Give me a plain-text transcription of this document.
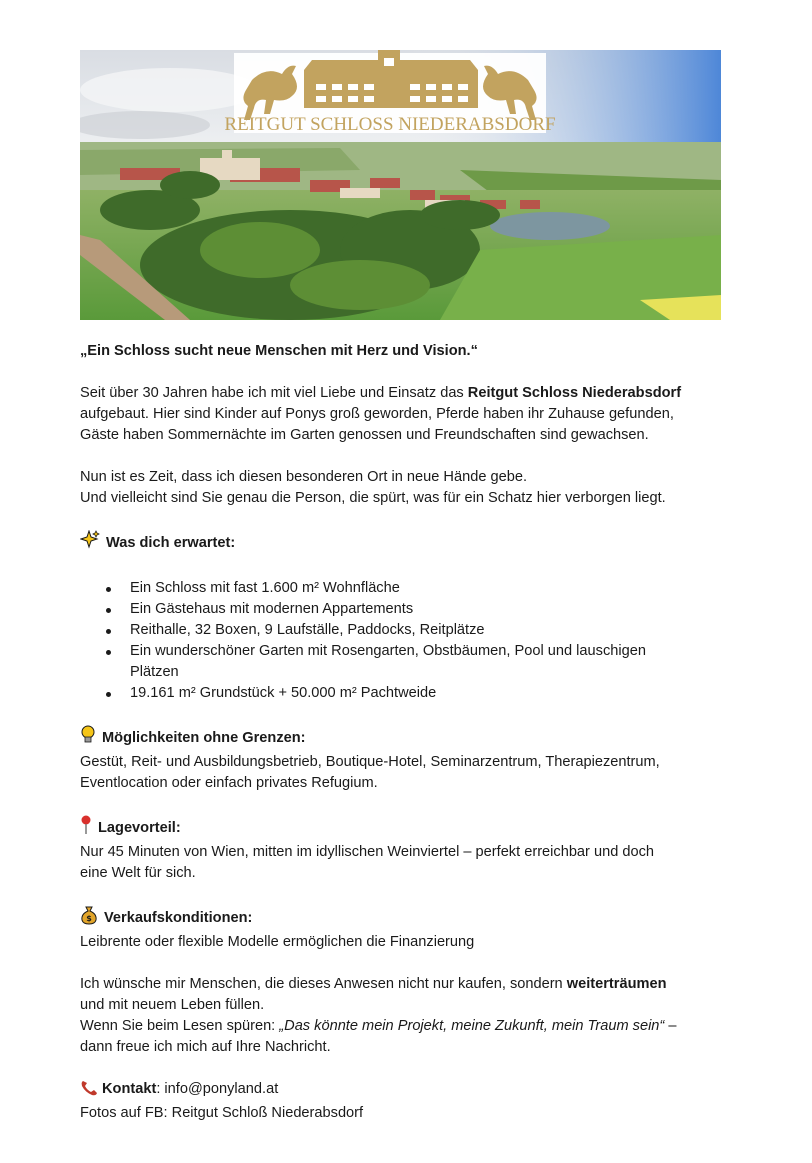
REITGUT SCHLOSS NIEDERABSDORF

„Ein Schloss sucht neue Menschen mit Herz und Vision.“

Seit über 30 Jahren habe ich mit viel Liebe und Einsatz das Reitgut Schloss Niederabsdorf

aufgebaut. Hier sind Kinder auf Ponys groß geworden, Pferde haben ihr Zuhause gefunden,

Gäste haben Sommernächte im Garten genossen und Freundschaften sind gewachsen.

Nun ist es Zeit, dass ich diesen besonderen Ort in neue Hände gebe.

Und vielleicht sind Sie genau die Person, die spürt, was für ein Schatz hier verborgen liegt.

Was dich erwartet:

Ein Schloss mit fast 1.600 m² Wohnfläche
Ein Gästehaus mit modernen Appartements
Reithalle, 32 Boxen, 9 Laufställe, Paddocks, Reitplätze
Ein wunderschöner Garten mit Rosengarten, Obstbäumen, Pool und lauschigen
Plätzen
19.161 m² Grundstück + 50.000 m² Pachtweide

Möglichkeiten ohne Grenzen:

Gestüt, Reit- und Ausbildungsbetrieb, Boutique-Hotel, Seminarzentrum, Therapiezentrum,

Eventlocation oder einfach privates Refugium.

Lagevorteil:

Nur 45 Minuten von Wien, mitten im idyllischen Weinviertel – perfekt erreichbar und doch

eine Welt für sich.

$ Verkaufskonditionen:

Leibrente oder flexible Modelle ermöglichen die Finanzierung

Ich wünsche mir Menschen, die dieses Anwesen nicht nur kaufen, sondern weiterträumen

und mit neuem Leben füllen.

Wenn Sie beim Lesen spüren: „Das könnte mein Projekt, meine Zukunft, mein Traum sein“ –

dann freue ich mich auf Ihre Nachricht.

Kontakt: info@ponyland.at

Fotos auf FB: Reitgut Schloß Niederabsdorf
